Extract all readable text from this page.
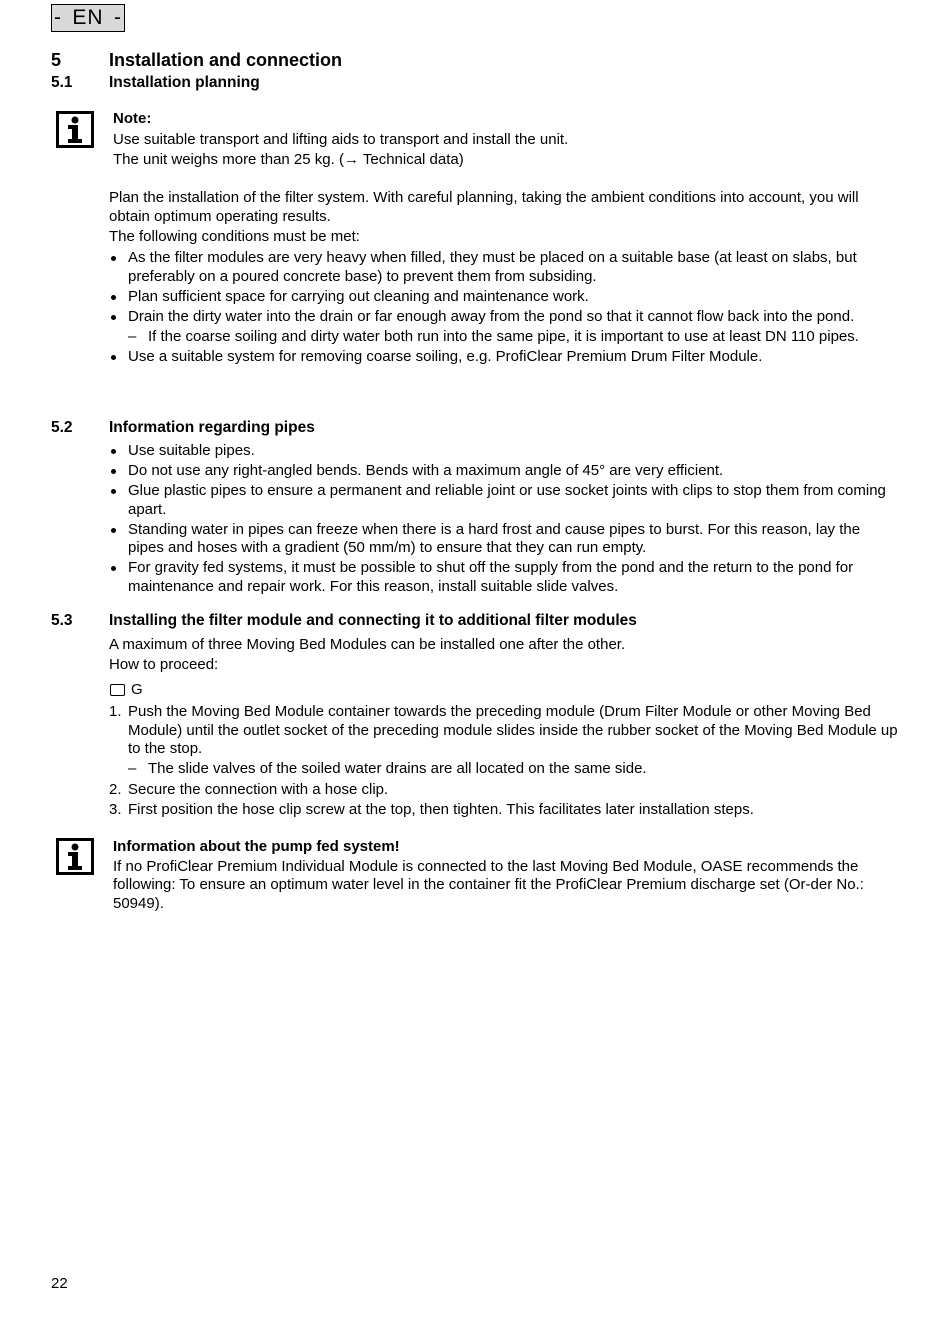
- EN -
5	Installation and connection
5.1 Installation planning
Note:
Use suitable transport and lifting aids to transport and install the unit.
The unit weighs more than 25 kg. (→ Technical data)
Plan the installation of the filter system. With careful planning, taking the ambient conditions into account, you will obtain optimum operating results.
The following conditions must be met:
As the filter modules are very heavy when filled, they must be placed on a suitable base (at least on slabs, but preferably on a poured concrete base) to prevent them from subsiding.
Plan sufficient space for carrying out cleaning and maintenance work.
Drain the dirty water into the drain or far enough away from the pond so that it cannot flow back into the pond.
– If the coarse soiling and dirty water both run into the same pipe, it is important to use at least DN 110 pipes.
Use a suitable system for removing coarse soiling, e.g. ProfiClear Premium Drum Filter Module.
5.2 Information regarding pipes
Use suitable pipes.
Do not use any right-angled bends. Bends with a maximum angle of 45° are very efficient.
Glue plastic pipes to ensure a permanent and reliable joint or use socket joints with clips to stop them from coming apart.
Standing water in pipes can freeze when there is a hard frost and cause pipes to burst. For this reason, lay the pipes and hoses with a gradient (50 mm/m) to ensure that they can run empty.
For gravity fed systems, it must be possible to shut off the supply from the pond and the return to the pond for maintenance and repair work. For this reason, install suitable slide valves.
5.3 Installing the filter module and connecting it to additional filter modules
A maximum of three Moving Bed Modules can be installed one after the other.
How to proceed:
G
1. Push the Moving Bed Module container towards the preceding module (Drum Filter Module or other Moving Bed Module) until the outlet socket of the preceding module slides inside the rubber socket of the Moving Bed Module up to the stop.
– The slide valves of the soiled water drains are all located on the same side.
2. Secure the connection with a hose clip.
3. First position the hose clip screw at the top, then tighten. This facilitates later installation steps.
Information about the pump fed system!
If no ProfiClear Premium Individual Module is connected to the last Moving Bed Module, OASE recommends the following: To ensure an optimum water level in the container fit the ProfiClear Premium discharge set (Or-der No.: 50949).
22
